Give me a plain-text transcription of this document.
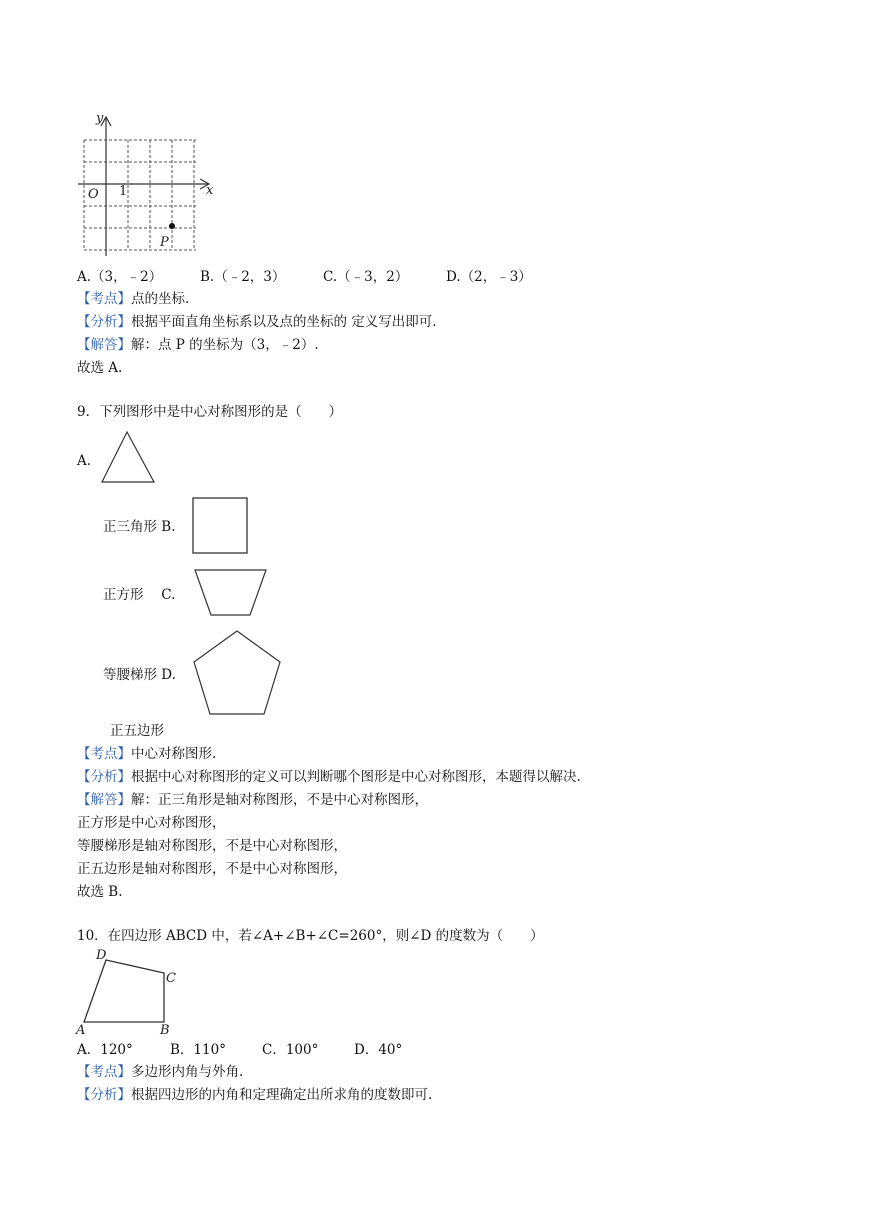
y
x
O 1
P
A.（3，﹣2）	B.（﹣2，3）	C.（﹣3，2）	D.（2，﹣3）
【考点】点的坐标.
【分析】根据平面直角坐标系以及点的坐标的 定义写出即可.
【解答】解：点 P 的坐标为（3，﹣2）.
故选 A.
9．下列图形中是中心对称图形的是（　　）
A.
正三角形 B.
正方形　 C.
等腰梯形 D.
正五边形
【考点】中心对称图形.
【分析】根据中心对称图形的定义可以判断哪个图形是中心对称图形，本题得以解决.
【解答】解：正三角形是轴对称图形，不是中心对称图形，
正方形是中心对称图形，
等腰梯形是轴对称图形，不是中心对称图形，
正五边形是轴对称图形，不是中心对称图形，
故选 B.
10．在四边形 ABCD 中，若∠A+∠B+∠C=260°，则∠D 的度数为（　　）
A	B
C
D
A．120°	B．110°	C．100°	D．40°
【考点】多边形内角与外角.
【分析】根据四边形的内角和定理确定出所求角的度数即可.
